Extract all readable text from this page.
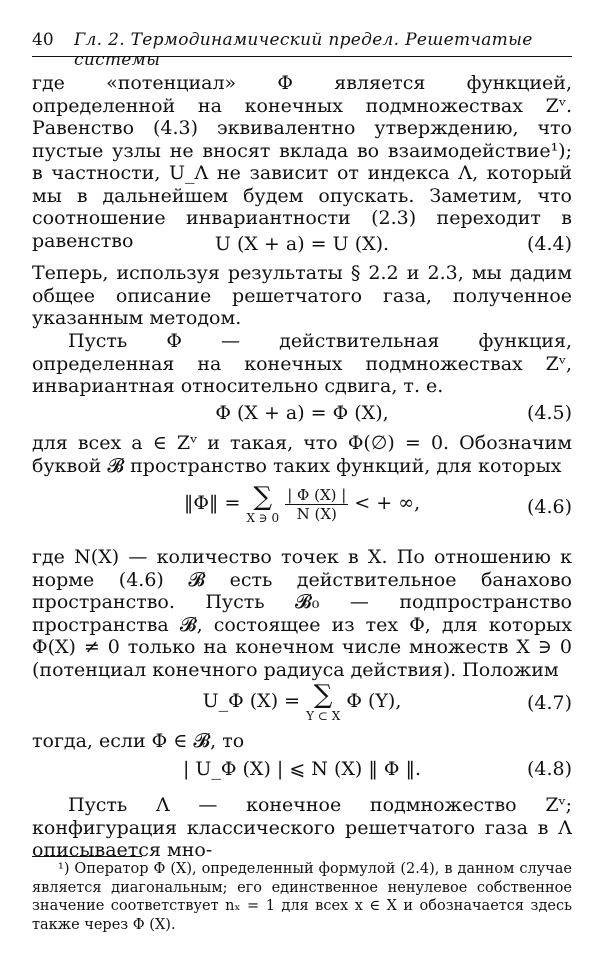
40 Гл. 2. Термодинамический предел. Решетчатые системы

где «потенциал» Φ является функцией, определенной на конечных подмножествах Zᵛ. Равенство (4.3) эквивалентно утверждению, что пустые узлы не вносят вклада во взаимодействие¹); в частности, U_Λ не зависит от индекса Λ, который мы в дальнейшем будем опускать. Заметим, что соотношение инвариантности (2.3) переходит в равенство	U (X + a) = U (X).	(4.4)

Теперь, используя результаты § 2.2 и 2.3, мы дадим общее описание решетчатого газа, полученное указанным методом.

Пусть Φ — действительная функция, определенная на конечных подмножествах Zᵛ, инвариантная относительно сдвига, т. е.

Φ (X + a) = Φ (X),	(4.5)

для всех a ∈ Zᵛ и такая, что Φ(∅) = 0. Обозначим буквой 𝓑 пространство таких функций, для которых

‖Φ‖ = ∑
X ∋ 0
$\frac{| \Phi (X) |}{N (X)}$ < + ∞,	(4.6)

где N(X) — количество точек в X. По отношению к норме (4.6) 𝓑 есть действительное банахово пространство. Пусть 𝓑₀ — подпространство пространства 𝓑, состоящее из тех Φ, для которых Φ(X) ≠ 0 только на конечном числе множеств X ∋ 0 (потенциал конечного радиуса действия). Положим

U_Φ (X) = ∑
Y ⊂ X
Φ (Y),	(4.7)

тогда, если Φ ∈ 𝓑, то

| U_Φ (X) | ⩽ N (X) ‖ Φ ‖.	(4.8)

Пусть Λ — конечное подмножество Zᵛ; конфигурация классического решетчатого газа в Λ описывается мно-

¹) Оператор Φ (X), определенный формулой (2.4), в данном случае является диагональным; его единственное ненулевое собственное значение соответствует nₓ = 1 для всех x ∈ X и обозначается здесь также через Φ (X).
